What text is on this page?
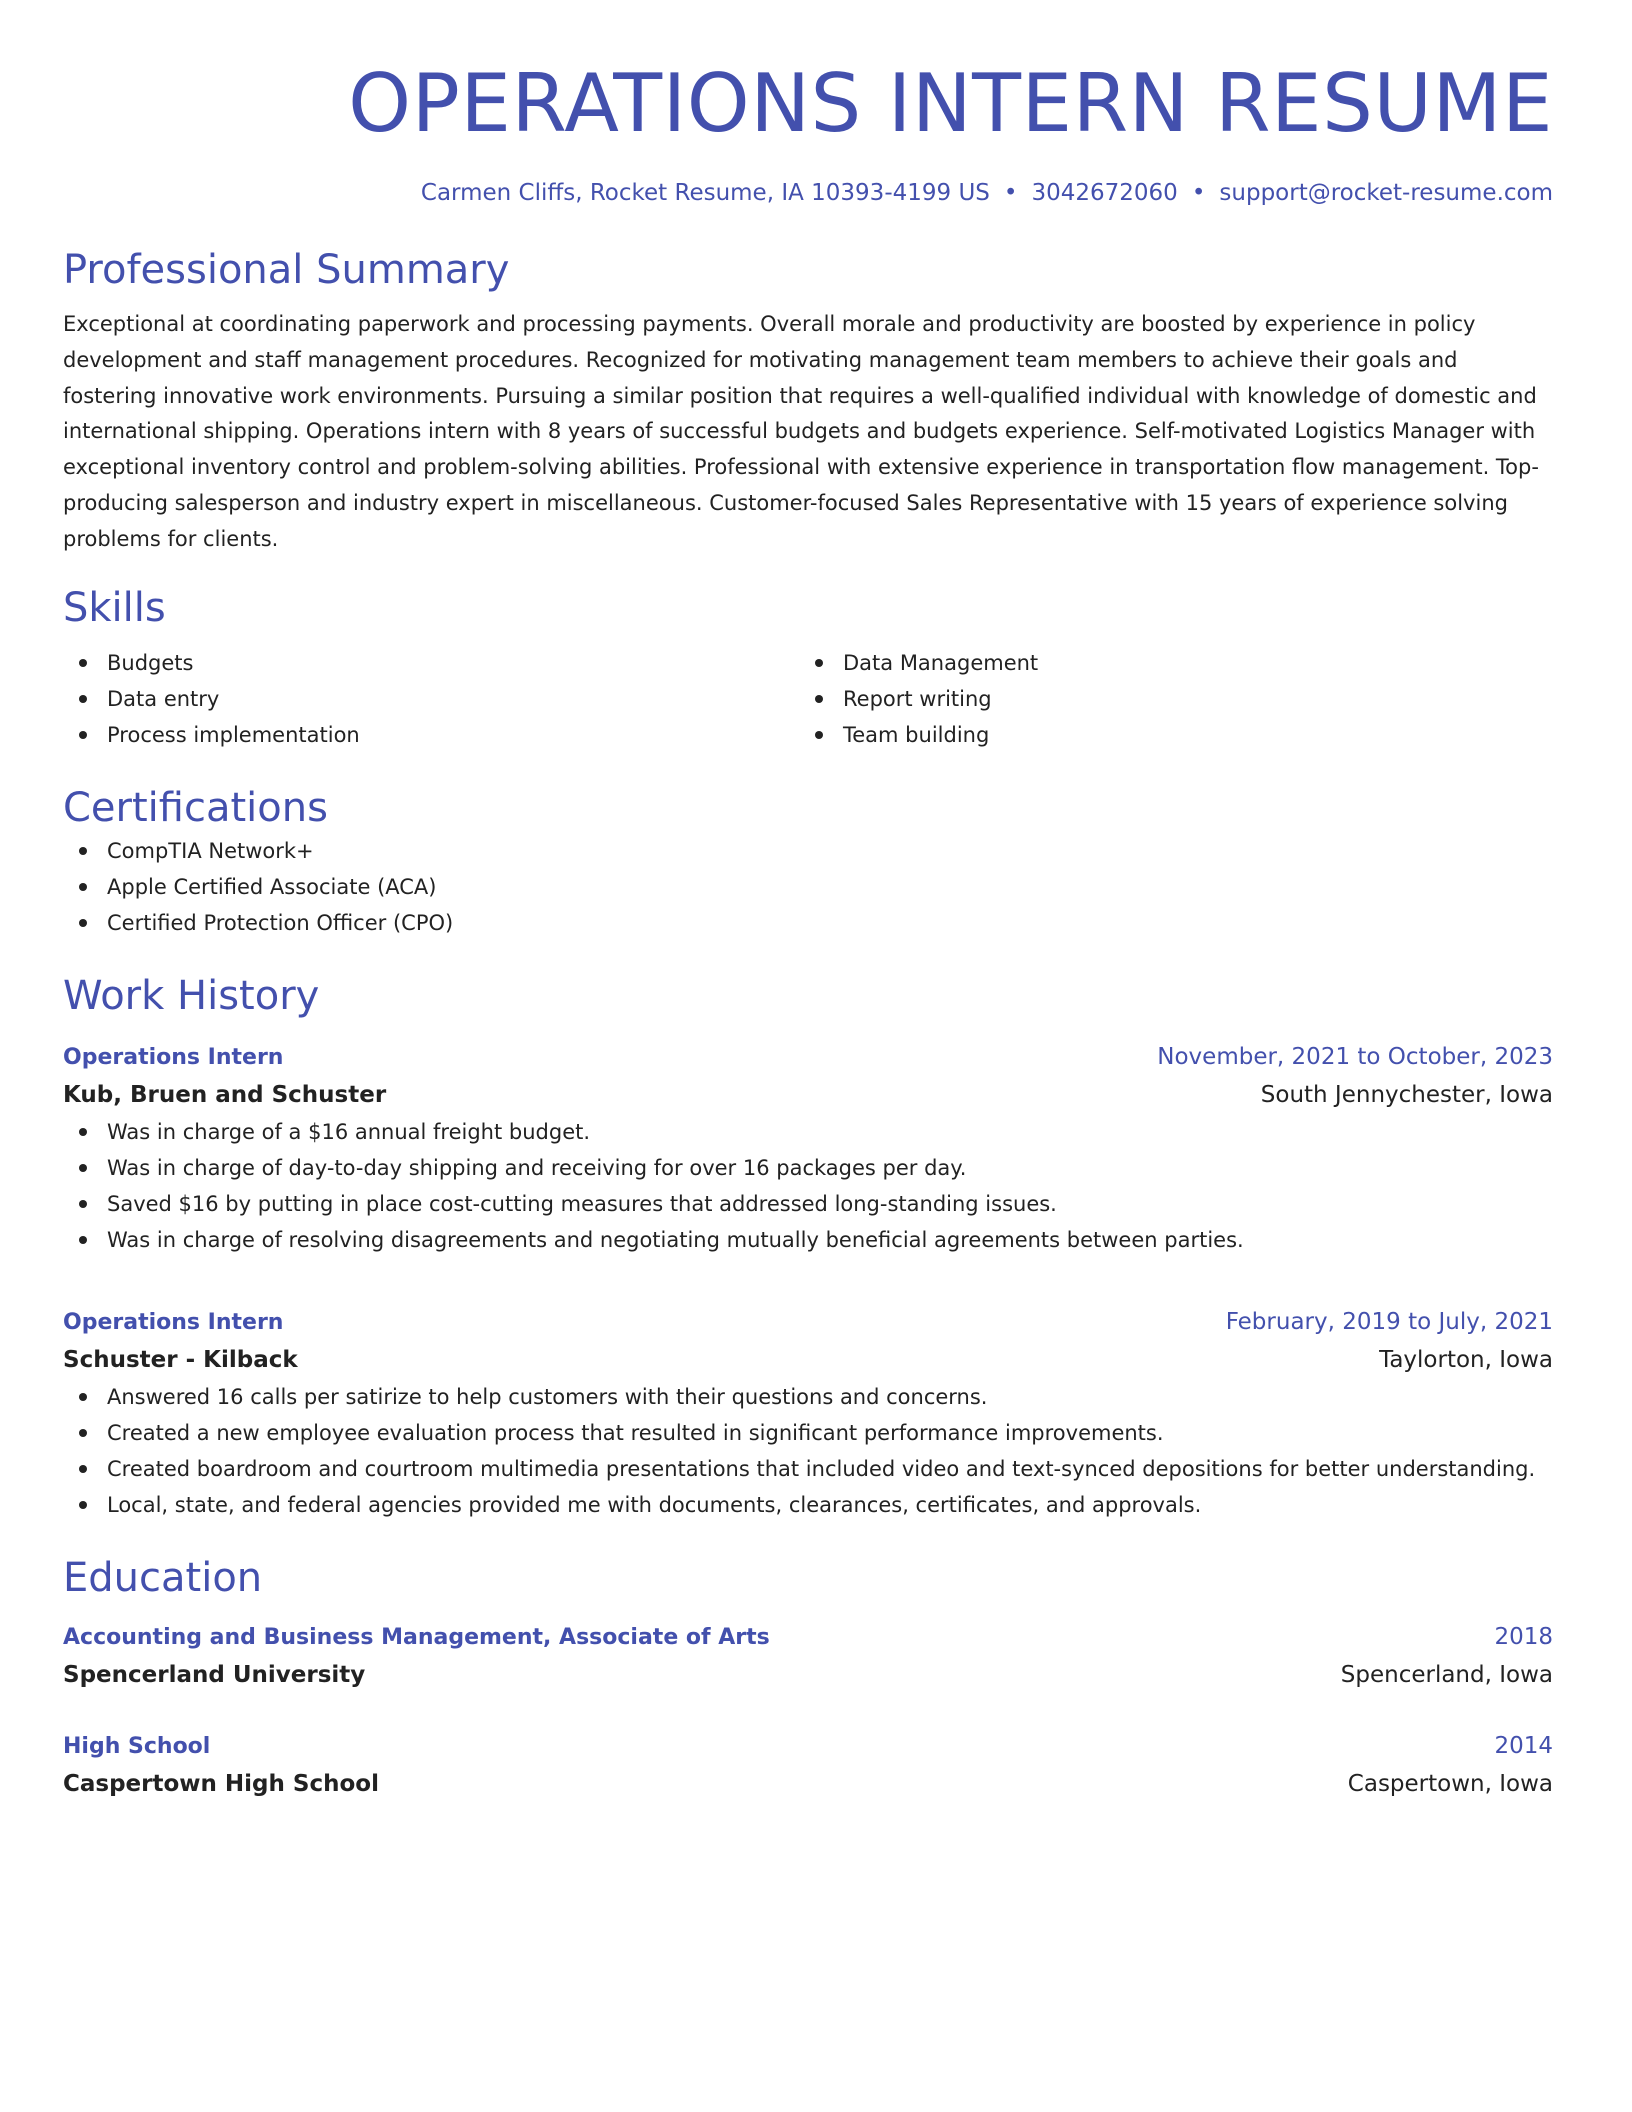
OPERATIONS INTERN RESUME
Carmen Cliffs, Rocket Resume, IA 10393-4199 US • 3042672060 • support@rocket-resume.com
Professional Summary

Exceptional at coordinating paperwork and processing payments. Overall morale and productivity are boosted by experience in policy development and staff management procedures. Recognized for motivating management team members to achieve their goals and fostering innovative work environments. Pursuing a similar position that requires a well-qualified individual with knowledge of domestic and international shipping. Operations intern with 8 years of successful budgets and budgets experience. Self-motivated Logistics Manager with exceptional inventory control and problem-solving abilities. Professional with extensive experience in transportation flow management. Top-producing salesperson and industry expert in miscellaneous. Customer-focused Sales Representative with 15 years of experience solving problems for clients.

Skills
Budgets
Data entry
Process implementation
Data Management
Report writing
Team building
Certifications
CompTIA Network+
Apple Certified Associate (ACA)
Certified Protection Officer (CPO)
Work History
Operations Intern	November, 2021 to October, 2023
Kub, Bruen and Schuster	South Jennychester, Iowa
Was in charge of a $16 annual freight budget.
Was in charge of day-to-day shipping and receiving for over 16 packages per day.
Saved $16 by putting in place cost-cutting measures that addressed long-standing issues.
Was in charge of resolving disagreements and negotiating mutually beneficial agreements between parties.
Operations Intern	February, 2019 to July, 2021
Schuster - Kilback	Taylorton, Iowa
Answered 16 calls per satirize to help customers with their questions and concerns.
Created a new employee evaluation process that resulted in significant performance improvements.
Created boardroom and courtroom multimedia presentations that included video and text-synced depositions for better understanding.
Local, state, and federal agencies provided me with documents, clearances, certificates, and approvals.
Education
Accounting and Business Management, Associate of Arts	2018
Spencerland University	Spencerland, Iowa
High School	2014
Caspertown High School	Caspertown, Iowa
